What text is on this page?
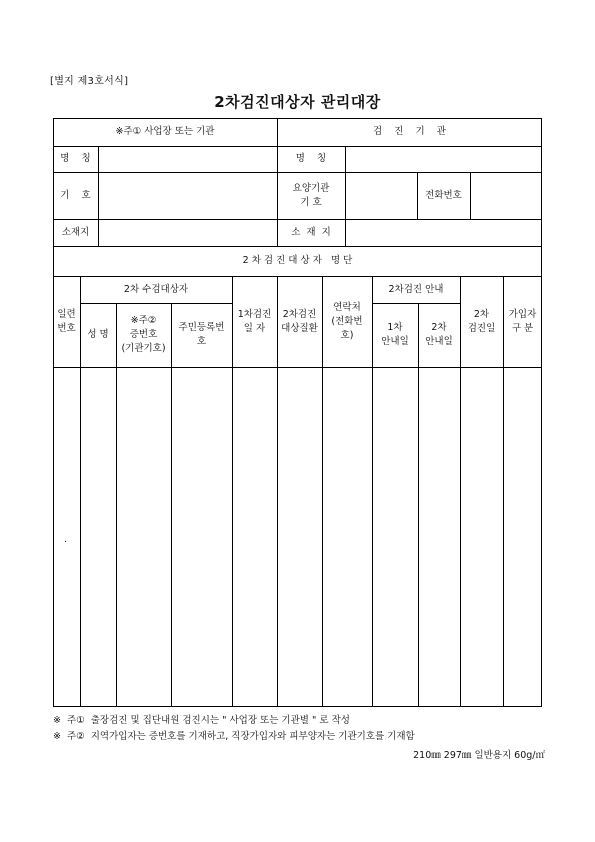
[별지 제3호서식]
2차검진대상자 관리대장
※주① 사업장 또는 기관	검    진    기    관
명    칭
기    호
소재지
명    칭
요양기관
기 호
전화번호
소  재  지
2 차 검 진 대 상 자   명 단
일련
번호
2차 수검대상자
성 명
※주②
증번호
(기관기호)
주민등록번
호
1차검진
일 자
2차검진
대상질환
연락처
(전화번
호)
2차검진 안내
1차
안내일
2차
안내일
2차
검진일
가입자
구 분
·
※  주①  출장검진 및 집단내원 검진시는 " 사업장 또는 기관별 " 로 작성
※  주②  지역가입자는 증번호를 기재하고, 직장가입자와 피부양자는 기관기호를 기재함
210㎜ 297㎜ 일반용지 60g/㎡
